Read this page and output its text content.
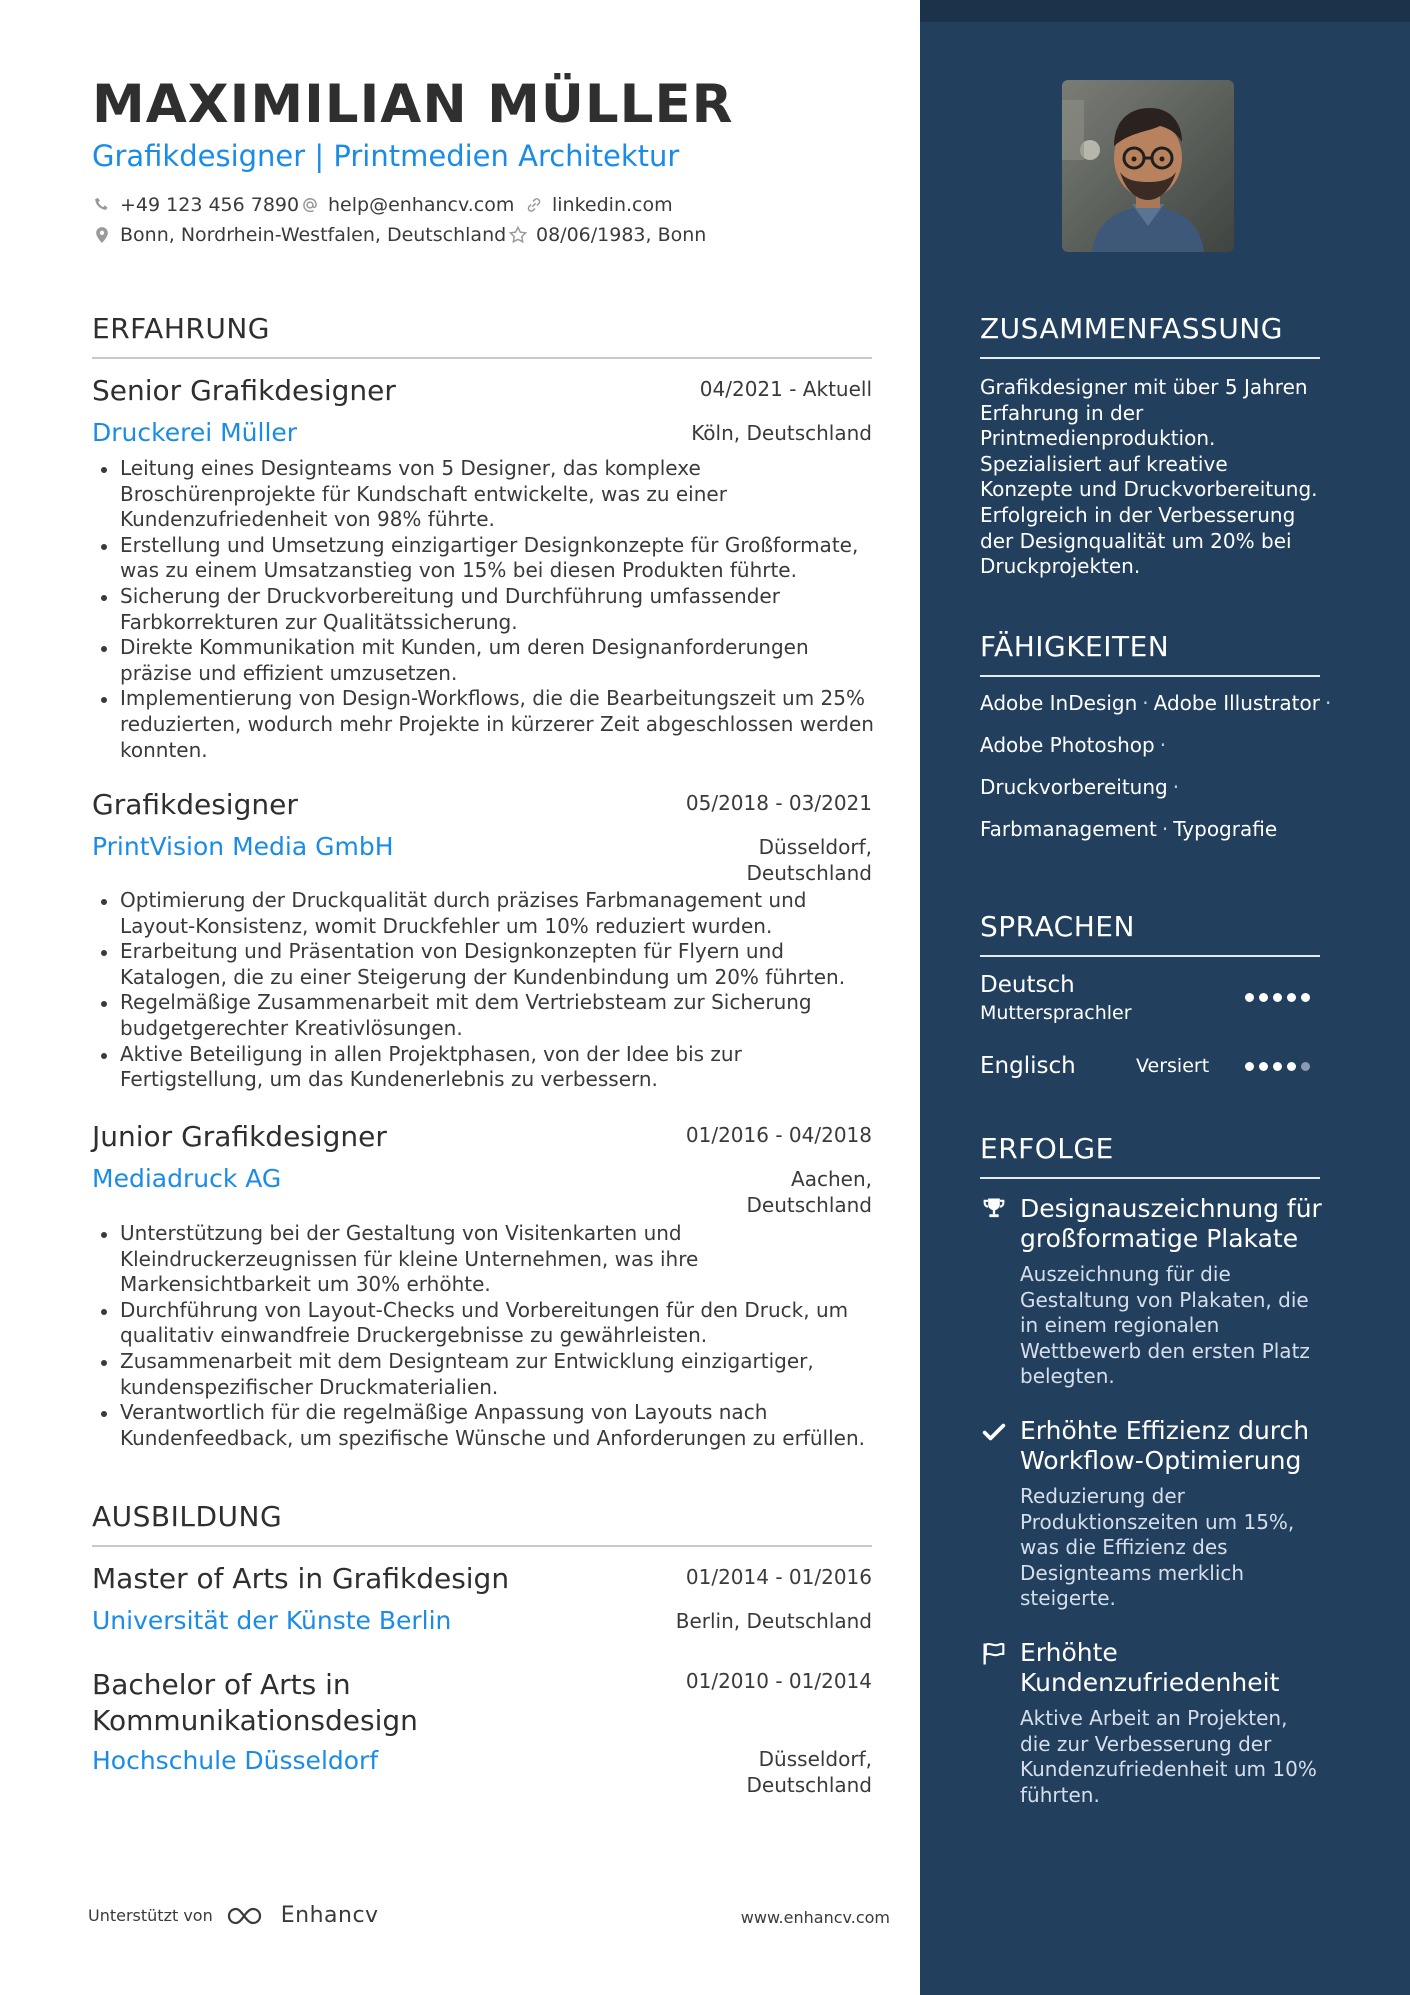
MAXIMILIAN MÜLLER
Grafikdesigner | Printmedien Architektur
+49 123 456 7890 help@enhancv.com linkedin.com
Bonn, Nordrhein-Westfalen, Deutschland 08/06/1983, Bonn
ERFAHRUNG
Senior Grafikdesigner	04/2021 - Aktuell
Druckerei Müller	Köln, Deutschland
Leitung eines Designteams von 5 Designer, das komplexe Broschürenprojekte für Kundschaft entwickelte, was zu einer Kundenzufriedenheit von 98% führte.
Erstellung und Umsetzung einzigartiger Designkonzepte für Großformate, was zu einem Umsatzanstieg von 15% bei diesen Produkten führte.
Sicherung der Druckvorbereitung und Durchführung umfassender Farbkorrekturen zur Qualitätssicherung.
Direkte Kommunikation mit Kunden, um deren Designanforderungen präzise und effizient umzusetzen.
Implementierung von Design-Workflows, die die Bearbeitungszeit um 25% reduzierten, wodurch mehr Projekte in kürzerer Zeit abgeschlossen werden konnten.
Grafikdesigner	05/2018 - 03/2021
PrintVision Media GmbH	Düsseldorf,
Deutschland
Optimierung der Druckqualität durch präzises Farbmanagement und Layout-Konsistenz, womit Druckfehler um 10% reduziert wurden.
Erarbeitung und Präsentation von Designkonzepten für Flyern und Katalogen, die zu einer Steigerung der Kundenbindung um 20% führten.
Regelmäßige Zusammenarbeit mit dem Vertriebsteam zur Sicherung budgetgerechter Kreativlösungen.
Aktive Beteiligung in allen Projektphasen, von der Idee bis zur Fertigstellung, um das Kundenerlebnis zu verbessern.
Junior Grafikdesigner	01/2016 - 04/2018
Mediadruck AG	Aachen,
Deutschland
Unterstützung bei der Gestaltung von Visitenkarten und Kleindruckerzeugnissen für kleine Unternehmen, was ihre Markensichtbarkeit um 30% erhöhte.
Durchführung von Layout-Checks und Vorbereitungen für den Druck, um qualitativ einwandfreie Druckergebnisse zu gewährleisten.
Zusammenarbeit mit dem Designteam zur Entwicklung einzigartiger, kundenspezifischer Druckmaterialien.
Verantwortlich für die regelmäßige Anpassung von Layouts nach Kundenfeedback, um spezifische Wünsche und Anforderungen zu erfüllen.
AUSBILDUNG
Master of Arts in Grafikdesign	01/2014 - 01/2016
Universität der Künste Berlin	Berlin, Deutschland
Bachelor of Arts in
Kommunikationsdesign
01/2010 - 01/2014
Hochschule Düsseldorf	Düsseldorf,
Deutschland
Unterstützt von	Enhancv	www.enhancv.com
ZUSAMMENFASSUNG
Grafikdesigner mit über 5 Jahren Erfahrung in der Printmedienproduktion. Spezialisiert auf kreative Konzepte und Druckvorbereitung. Erfolgreich in der Verbesserung der Designqualität um 20% bei Druckprojekten.
FÄHIGKEITEN
Adobe InDesign · Adobe Illustrator ·
Adobe Photoshop ·
Druckvorbereitung ·
Farbmanagement · Typografie
SPRACHEN
Deutsch
Muttersprachler
Englisch	Versiert
ERFOLGE
Designauszeichnung für großformatige Plakate
Auszeichnung für die Gestaltung von Plakaten, die in einem regionalen Wettbewerb den ersten Platz belegten.
Erhöhte Effizienz durch Workflow-Optimierung
Reduzierung der Produktionszeiten um 15%, was die Effizienz des Designteams merklich steigerte.
Erhöhte Kundenzufriedenheit
Aktive Arbeit an Projekten, die zur Verbesserung der Kundenzufriedenheit um 10% führten.
